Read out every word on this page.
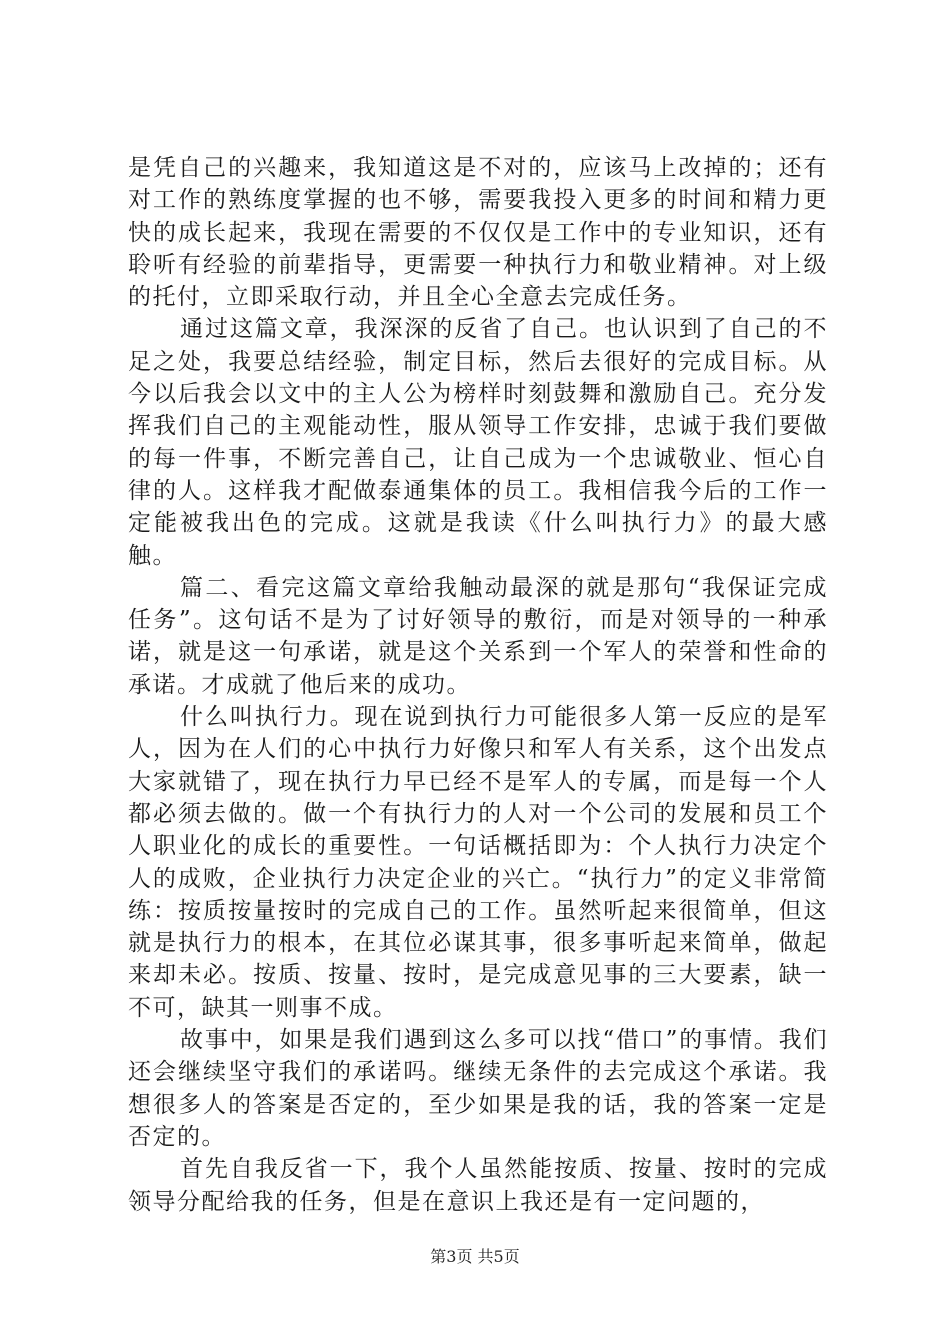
是凭自己的兴趣来，我知道这是不对的，应该马上改掉的；还有对工作的熟练度掌握的也不够，需要我投入更多的时间和精力更快的成长起来，我现在需要的不仅仅是工作中的专业知识，还有聆听有经验的前辈指导，更需要一种执行力和敬业精神。对上级的托付，立即采取行动，并且全心全意去完成任务。

通过这篇文章，我深深的反省了自己。也认识到了自己的不足之处，我要总结经验，制定目标，然后去很好的完成目标。从今以后我会以文中的主人公为榜样时刻鼓舞和激励自己。充分发挥我们自己的主观能动性，服从领导工作安排，忠诚于我们要做的每一件事，不断完善自己，让自己成为一个忠诚敬业、恒心自律的人。这样我才配做泰通集体的员工。我相信我今后的工作一定能被我出色的完成。这就是我读《什么叫执行力》的最大感触。

篇二、看完这篇文章给我触动最深的就是那句“我保证完成任务”。这句话不是为了讨好领导的敷衍，而是对领导的一种承诺，就是这一句承诺，就是这个关系到一个军人的荣誉和性命的承诺。才成就了他后来的成功。

什么叫执行力。现在说到执行力可能很多人第一反应的是军人，因为在人们的心中执行力好像只和军人有关系，这个出发点大家就错了，现在执行力早已经不是军人的专属，而是每一个人都必须去做的。做一个有执行力的人对一个公司的发展和员工个人职业化的成长的重要性。一句话概括即为：个人执行力决定个人的成败，企业执行力决定企业的兴亡。“执行力”的定义非常简练：按质按量按时的完成自己的工作。虽然听起来很简单，但这就是执行力的根本，在其位必谋其事，很多事听起来简单，做起来却未必。按质、按量、按时，是完成意见事的三大要素，缺一不可，缺其一则事不成。

故事中，如果是我们遇到这么多可以找“借口”的事情。我们还会继续坚守我们的承诺吗。继续无条件的去完成这个承诺。我想很多人的答案是否定的，至少如果是我的话，我的答案一定是否定的。

首先自我反省一下，我个人虽然能按质、按量、按时的完成领导分配给我的任务，但是在意识上我还是有一定问题的，

第3页 共5页
